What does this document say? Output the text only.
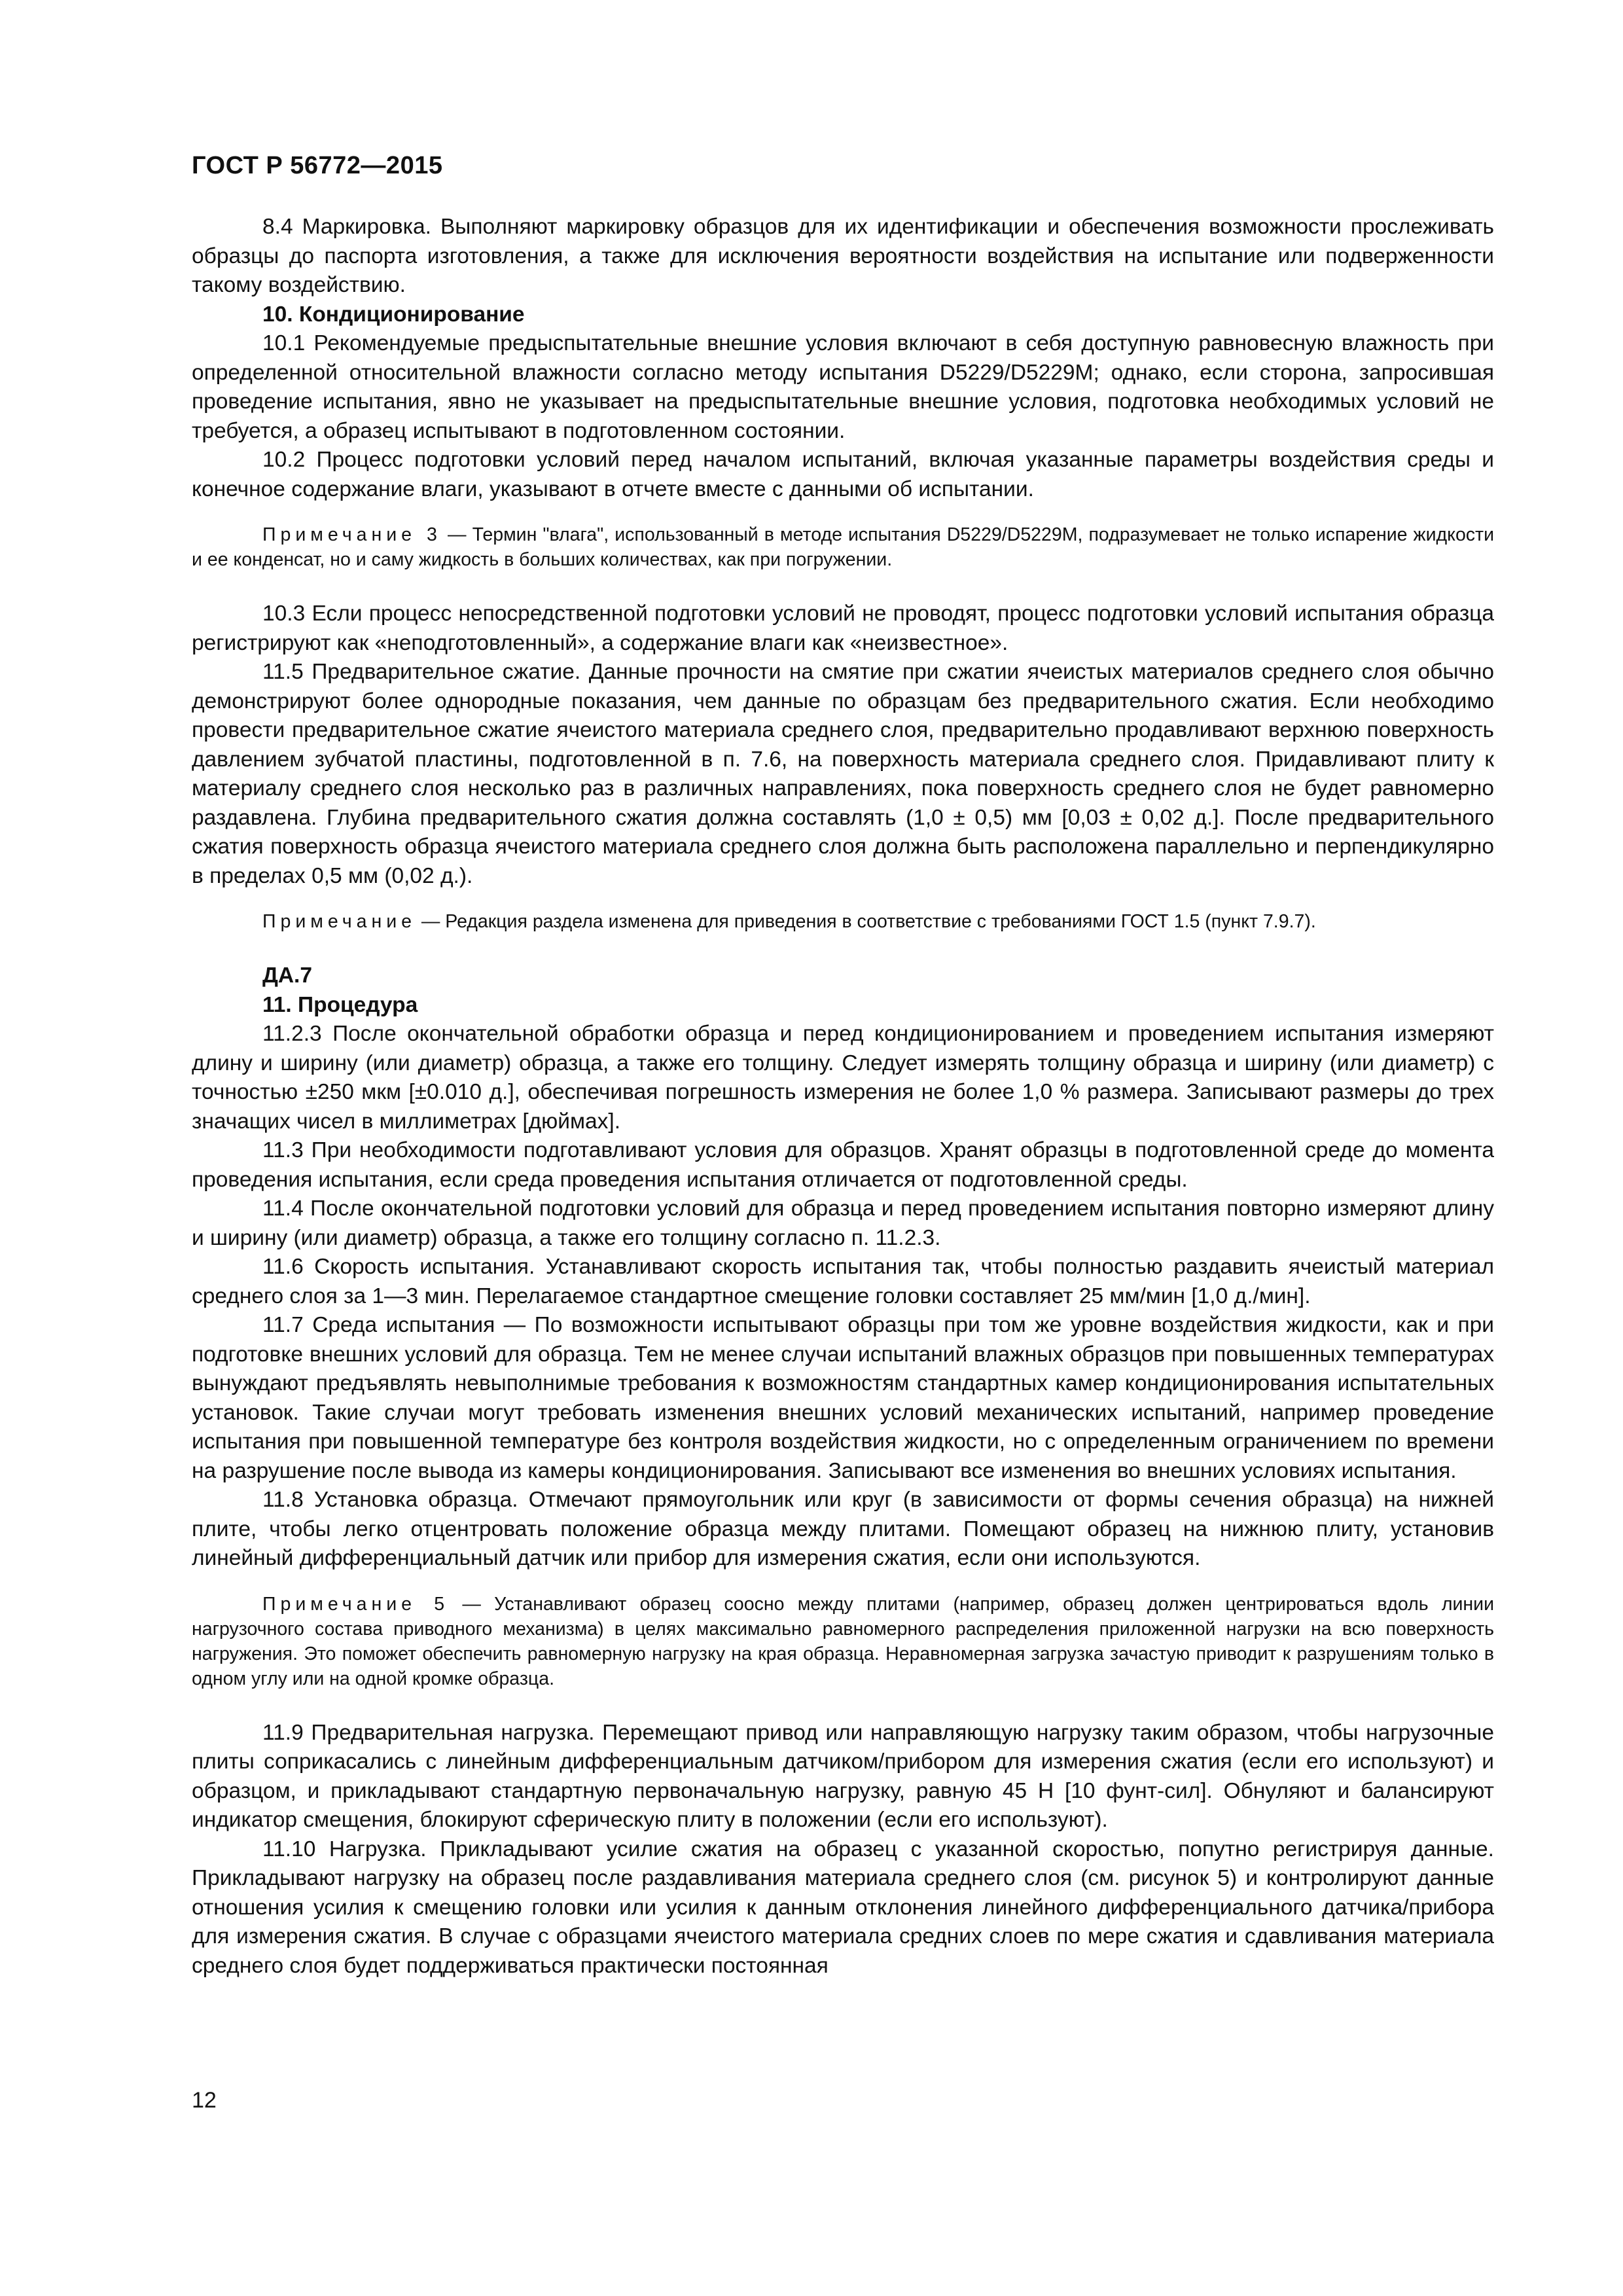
ГОСТ Р 56772—2015

8.4 Маркировка. Выполняют маркировку образцов для их идентификации и обеспечения возможности прослеживать образцы до паспорта изготовления, а также для исключения вероятности воздействия на испытание или подверженности такому воздействию.

10. Кондиционирование

10.1 Рекомендуемые предыспытательные внешние условия включают в себя доступную равновесную влажность при определенной относительной влажности согласно методу испытания D5229/D5229M; однако, если сторона, запросившая проведение испытания, явно не указывает на предыспытательные внешние условия, подготовка необходимых условий не требуется, а образец испытывают в подготовленном состоянии.

10.2 Процесс подготовки условий перед началом испытаний, включая указанные параметры воздействия среды и конечное содержание влаги, указывают в отчете вместе с данными об испытании.

Примечание 3 — Термин "влага", использованный в методе испытания D5229/D5229M, подразумевает не только испарение жидкости и ее конденсат, но и саму жидкость в больших количествах, как при погружении.

10.3 Если процесс непосредственной подготовки условий не проводят, процесс подготовки условий испытания образца регистрируют как «неподготовленный», а содержание влаги как «неизвестное».

11.5 Предварительное сжатие. Данные прочности на смятие при сжатии ячеистых материалов среднего слоя обычно демонстрируют более однородные показания, чем данные по образцам без предварительного сжатия. Если необходимо провести предварительное сжатие ячеистого материала среднего слоя, предварительно продавливают верхнюю поверхность давлением зубчатой пластины, подготовленной в п. 7.6, на поверхность материала среднего слоя. Придавливают плиту к материалу среднего слоя несколько раз в различных направлениях, пока поверхность среднего слоя не будет равномерно раздавлена. Глубина предварительного сжатия должна составлять (1,0 ± 0,5) мм [0,03 ± 0,02 д.]. После предварительного сжатия поверхность образца ячеистого материала среднего слоя должна быть расположена параллельно и перпендикулярно в пределах 0,5 мм (0,02 д.).

Примечание — Редакция раздела изменена для приведения в соответствие с требованиями ГОСТ 1.5 (пункт 7.9.7).

ДА.7

11. Процедура

11.2.3 После окончательной обработки образца и перед кондиционированием и проведением испытания измеряют длину и ширину (или диаметр) образца, а также его толщину. Следует измерять толщину образца и ширину (или диаметр) с точностью ±250 мкм [±0.010 д.], обеспечивая погрешность измерения не более 1,0 % размера. Записывают размеры до трех значащих чисел в миллиметрах [дюймах].

11.3 При необходимости подготавливают условия для образцов. Хранят образцы в подготовленной среде до момента проведения испытания, если среда проведения испытания отличается от подготовленной среды.

11.4 После окончательной подготовки условий для образца и перед проведением испытания повторно измеряют длину и ширину (или диаметр) образца, а также его толщину согласно п. 11.2.3.

11.6 Скорость испытания. Устанавливают скорость испытания так, чтобы полностью раздавить ячеистый материал среднего слоя за 1—3 мин. Перелагаемое стандартное смещение головки составляет 25 мм/мин [1,0 д./мин].

11.7 Среда испытания — По возможности испытывают образцы при том же уровне воздействия жидкости, как и при подготовке внешних условий для образца. Тем не менее случаи испытаний влажных образцов при повышенных температурах вынуждают предъявлять невыполнимые требования к возможностям стандартных камер кондиционирования испытательных установок. Такие случаи могут требовать изменения внешних условий механических испытаний, например проведение испытания при повышенной температуре без контроля воздействия жидкости, но с определенным ограничением по времени на разрушение после вывода из камеры кондиционирования. Записывают все изменения во внешних условиях испытания.

11.8 Установка образца. Отмечают прямоугольник или круг (в зависимости от формы сечения образца) на нижней плите, чтобы легко отцентровать положение образца между плитами. Помещают образец на нижнюю плиту, установив линейный дифференциальный датчик или прибор для измерения сжатия, если они используются.

Примечание 5 — Устанавливают образец соосно между плитами (например, образец должен центрироваться вдоль линии нагрузочного состава приводного механизма) в целях максимально равномерного распределения приложенной нагрузки на всю поверхность нагружения. Это поможет обеспечить равномерную нагрузку на края образца. Неравномерная загрузка зачастую приводит к разрушениям только в одном углу или на одной кромке образца.

11.9 Предварительная нагрузка. Перемещают привод или направляющую нагрузку таким образом, чтобы нагрузочные плиты соприкасались с линейным дифференциальным датчиком/прибором для измерения сжатия (если его используют) и образцом, и прикладывают стандартную первоначальную нагрузку, равную 45 Н [10 фунт-сил]. Обнуляют и балансируют индикатор смещения, блокируют сферическую плиту в положении (если его используют).

11.10 Нагрузка. Прикладывают усилие сжатия на образец с указанной скоростью, попутно регистрируя данные. Прикладывают нагрузку на образец после раздавливания материала среднего слоя (см. рисунок 5) и контролируют данные отношения усилия к смещению головки или усилия к данным отклонения линейного дифференциального датчика/прибора для измерения сжатия. В случае с образцами ячеистого материала средних слоев по мере сжатия и сдавливания материала среднего слоя будет поддерживаться практически постоянная

12
